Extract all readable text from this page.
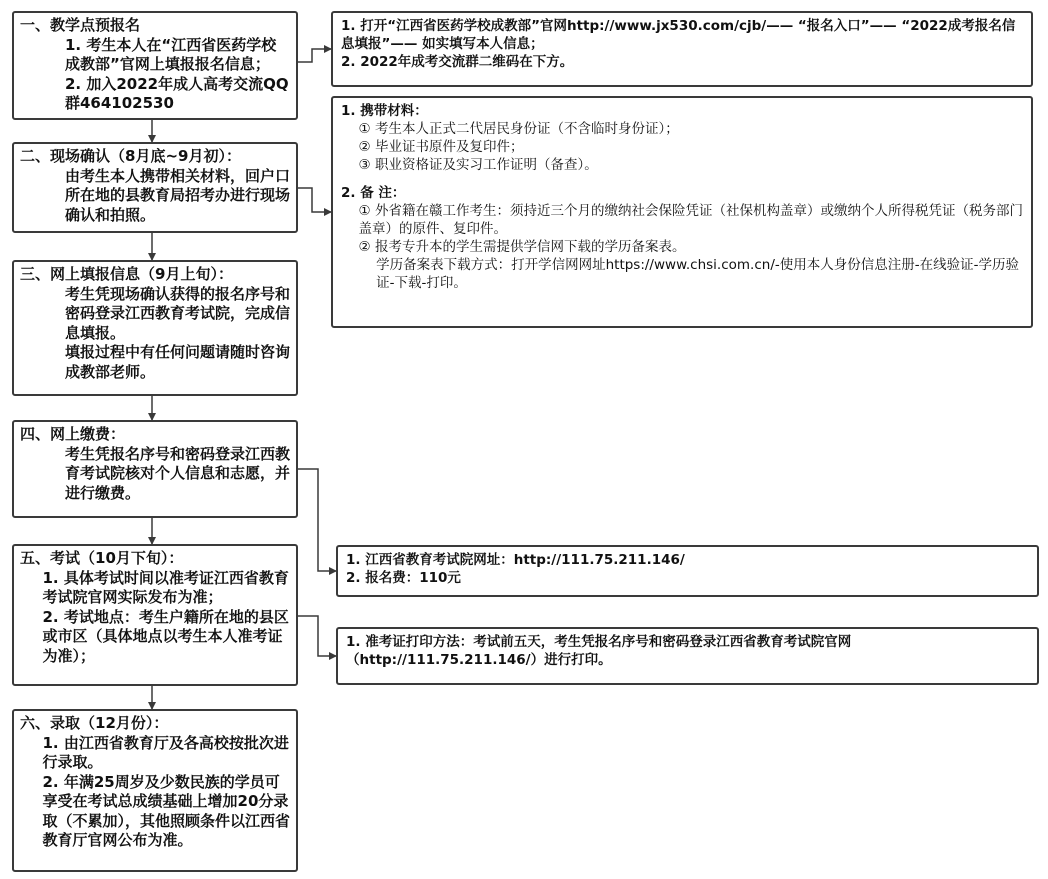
一、教学点预报名
1. 考生本人在“江西省医药学校成教部”官网上填报报名信息；
2. 加入2022年成人高考交流QQ群464102530
二、现场确认（8月底~9月初）：
由考生本人携带相关材料，回户口所在地的县教育局招考办进行现场确认和拍照。
三、网上填报信息（9月上旬）：
考生凭现场确认获得的报名序号和密码登录江西教育考试院，完成信息填报。
填报过程中有任何问题请随时咨询成教部老师。
四、网上缴费：
考生凭报名序号和密码登录江西教育考试院核对个人信息和志愿，并进行缴费。
五、考试（10月下旬）：
1. 具体考试时间以准考证江西省教育考试院官网实际发布为准；
2. 考试地点：考生户籍所在地的县区或市区（具体地点以考生本人准考证为准）；
六、录取（12月份）：
1. 由江西省教育厅及各高校按批次进行录取。
2. 年满25周岁及少数民族的学员可享受在考试总成绩基础上增加20分录取（不累加），其他照顾条件以江西省教育厅官网公布为准。
1. 打开“江西省医药学校成教部”官网http://www.jx530.com/cjb/—— “报名入口”—— “2022成考报名信息填报”—— 如实填写本人信息；
2. 2022年成考交流群二维码在下方。
1. 携带材料：
① 考生本人正式二代居民身份证（不含临时身份证）；
② 毕业证书原件及复印件；
③ 职业资格证及实习工作证明（备查）。
2. 备 注：
① 外省籍在赣工作考生：须持近三个月的缴纳社会保险凭证（社保机构盖章）或缴纳个人所得税凭证（税务部门盖章）的原件、复印件。
② 报考专升本的学生需提供学信网下载的学历备案表。
学历备案表下载方式：打开学信网网址https://www.chsi.com.cn/-使用本人身份信息注册-在线验证-学历验证-下载-打印。
1. 江西省教育考试院网址：http://111.75.211.146/
2. 报名费：110元
1. 准考证打印方法：考试前五天，考生凭报名序号和密码登录江西省教育考试院官网（http://111.75.211.146/）进行打印。
